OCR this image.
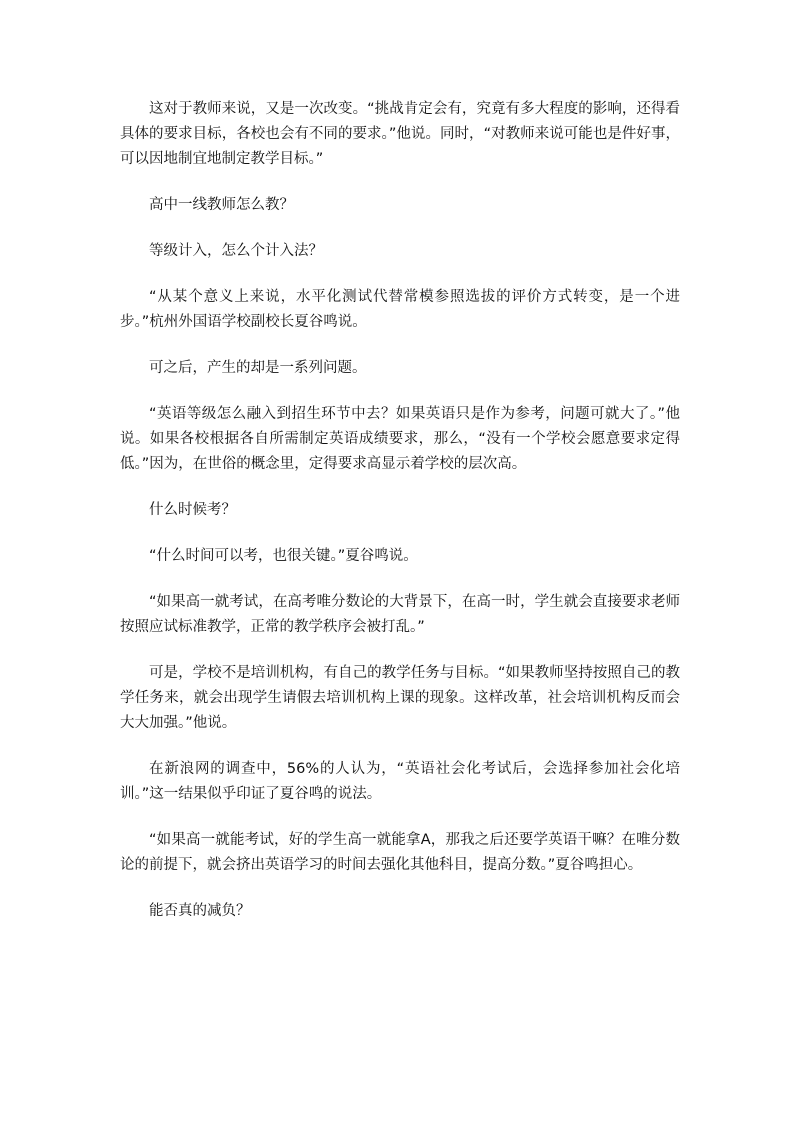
这对于教师来说，又是一次改变。“挑战肯定会有，究竟有多大程度的影响，还得看具体的要求目标，各校也会有不同的要求。”他说。同时，“对教师来说可能也是件好事，可以因地制宜地制定教学目标。”

高中一线教师怎么教？

等级计入，怎么个计入法？

“从某个意义上来说，水平化测试代替常模参照选拔的评价方式转变，是一个进步。”杭州外国语学校副校长夏谷鸣说。

可之后，产生的却是一系列问题。

“英语等级怎么融入到招生环节中去？如果英语只是作为参考，问题可就大了。”他说。如果各校根据各自所需制定英语成绩要求，那么，“没有一个学校会愿意要求定得低。”因为，在世俗的概念里，定得要求高显示着学校的层次高。

什么时候考？

“什么时间可以考，也很关键。”夏谷鸣说。

“如果高一就考试，在高考唯分数论的大背景下，在高一时，学生就会直接要求老师按照应试标准教学，正常的教学秩序会被打乱。”

可是，学校不是培训机构，有自己的教学任务与目标。“如果教师坚持按照自己的教学任务来，就会出现学生请假去培训机构上课的现象。这样改革，社会培训机构反而会大大加强。”他说。

在新浪网的调查中，56%的人认为，“英语社会化考试后，会选择参加社会化培训。”这一结果似乎印证了夏谷鸣的说法。

“如果高一就能考试，好的学生高一就能拿A，那我之后还要学英语干嘛？在唯分数论的前提下，就会挤出英语学习的时间去强化其他科目，提高分数。”夏谷鸣担心。

能否真的减负？
